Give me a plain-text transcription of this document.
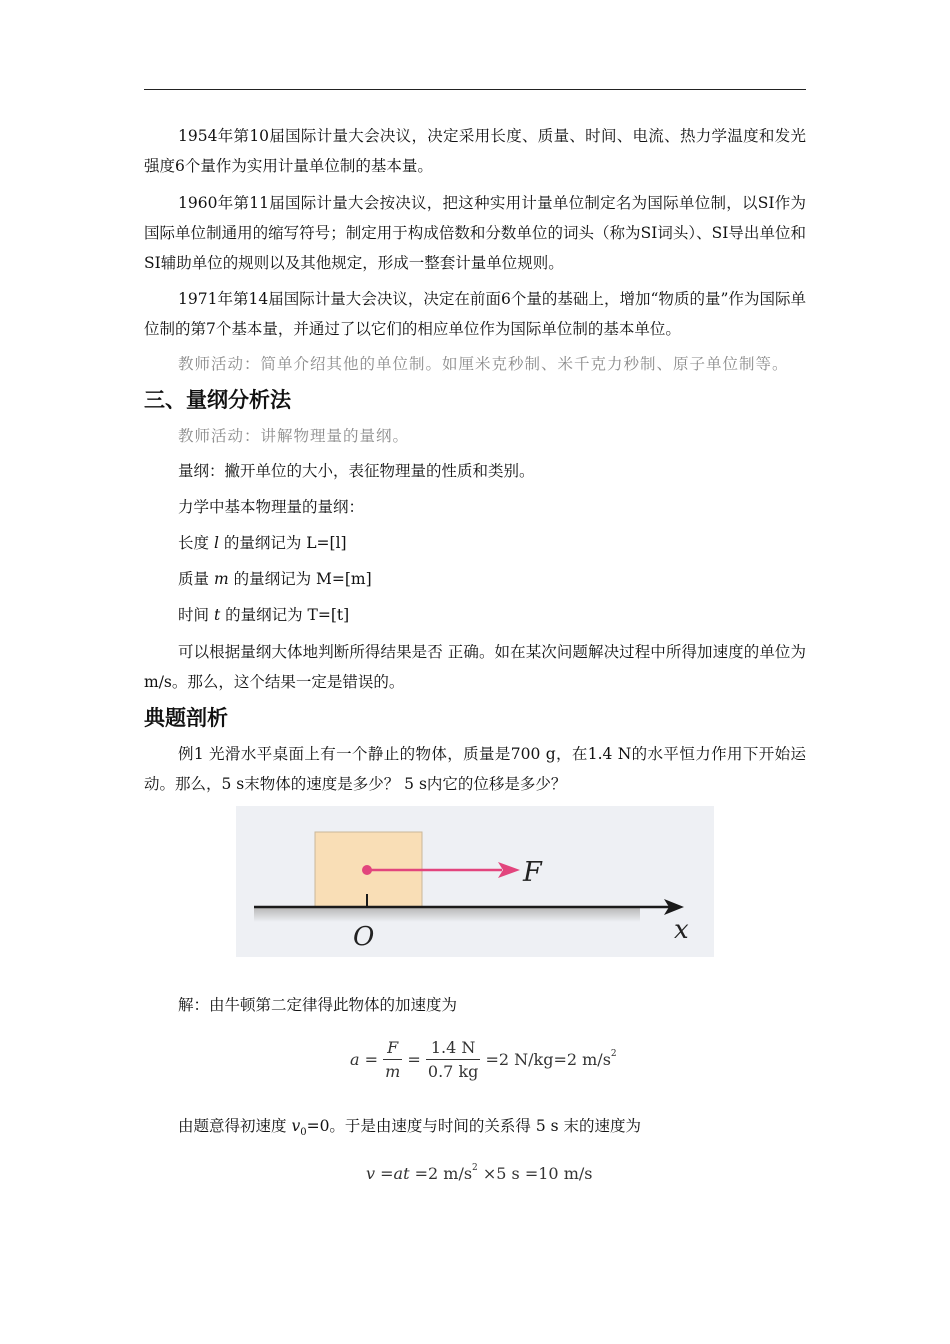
1954年第10届国际计量大会决议，决定采用长度、质量、时间、电流、热力学温度和发光强度6个量作为实用计量单位制的基本量。
1960年第11届国际计量大会按决议，把这种实用计量单位制定名为国际单位制，以SI作为国际单位制通用的缩写符号；制定用于构成倍数和分数单位的词头（称为SI词头）、SI导出单位和SI辅助单位的规则以及其他规定，形成一整套计量单位规则。
1971年第14届国际计量大会决议，决定在前面6个量的基础上，增加“物质的量”作为国际单位制的第7个基本量，并通过了以它们的相应单位作为国际单位制的基本单位。
教师活动：简单介绍其他的单位制。如厘米克秒制、米千克力秒制、原子单位制等。
三、量纲分析法
教师活动：讲解物理量的量纲。
量纲：撇开单位的大小，表征物理量的性质和类别。
力学中基本物理量的量纲：
长度 l 的量纲记为 L=[l]
质量 m 的量纲记为 M=[m]
时间 t 的量纲记为 T=[t]
可以根据量纲大体地判断所得结果是否 正确。如在某次问题解决过程中所得加速度的单位为m/s。那么，这个结果一定是错误的。
典题剖析
例1 光滑水平桌面上有一个静止的物体，质量是700 g，在1.4 N的水平恒力作用下开始运动。那么，5 s末物体的速度是多少？ 5 s内它的位移是多少？
F
O	x
解：由牛顿第二定律得此物体的加速度为
$a = \frac{F}{m} = \frac{1.4 N}{0.7 kg} =2$ N/kg=2 $m/s^2$
由题意得初速度 $v_0=0$。于是由速度与时间的关系得 5 s 末的速度为
v =at =2 $m/s^2 \times 5$ s =10 m/s
